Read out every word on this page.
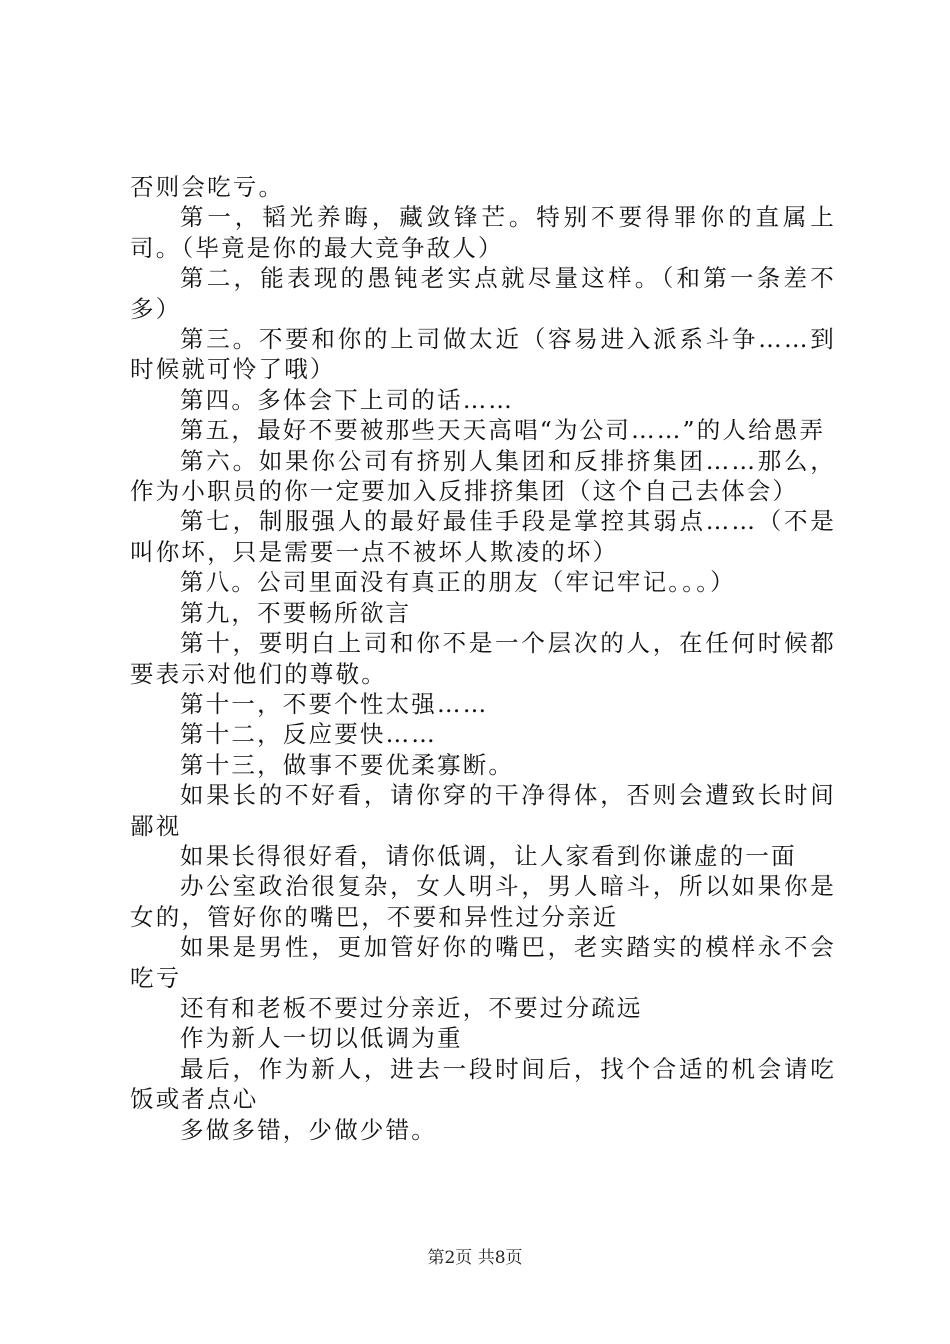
否则会吃亏。

第一，韬光养晦，藏敛锋芒。特别不要得罪你的直属上司。（毕竟是你的最大竞争敌人）

第二，能表现的愚钝老实点就尽量这样。（和第一条差不多）

第三。不要和你的上司做太近（容易进入派系斗争……到时候就可怜了哦）

第四。多体会下上司的话……

第五，最好不要被那些天天高唱“为公司……”的人给愚弄

第六。如果你公司有挤别人集团和反排挤集团……那么，作为小职员的你一定要加入反排挤集团（这个自己去体会）

第七，制服强人的最好最佳手段是掌控其弱点……（不是叫你坏，只是需要一点不被坏人欺凌的坏）

第八。公司里面没有真正的朋友（牢记牢记。。。）

第九，不要畅所欲言

第十，要明白上司和你不是一个层次的人，在任何时候都要表示对他们的尊敬。

第十一，不要个性太强……

第十二，反应要快……

第十三，做事不要优柔寡断。

如果长的不好看，请你穿的干净得体，否则会遭致长时间鄙视

如果长得很好看，请你低调，让人家看到你谦虚的一面

办公室政治很复杂，女人明斗，男人暗斗，所以如果你是女的，管好你的嘴巴，不要和异性过分亲近

如果是男性，更加管好你的嘴巴，老实踏实的模样永不会吃亏

还有和老板不要过分亲近，不要过分疏远

作为新人一切以低调为重

最后，作为新人，进去一段时间后，找个合适的机会请吃饭或者点心

多做多错，少做少错。

第2页 共8页
